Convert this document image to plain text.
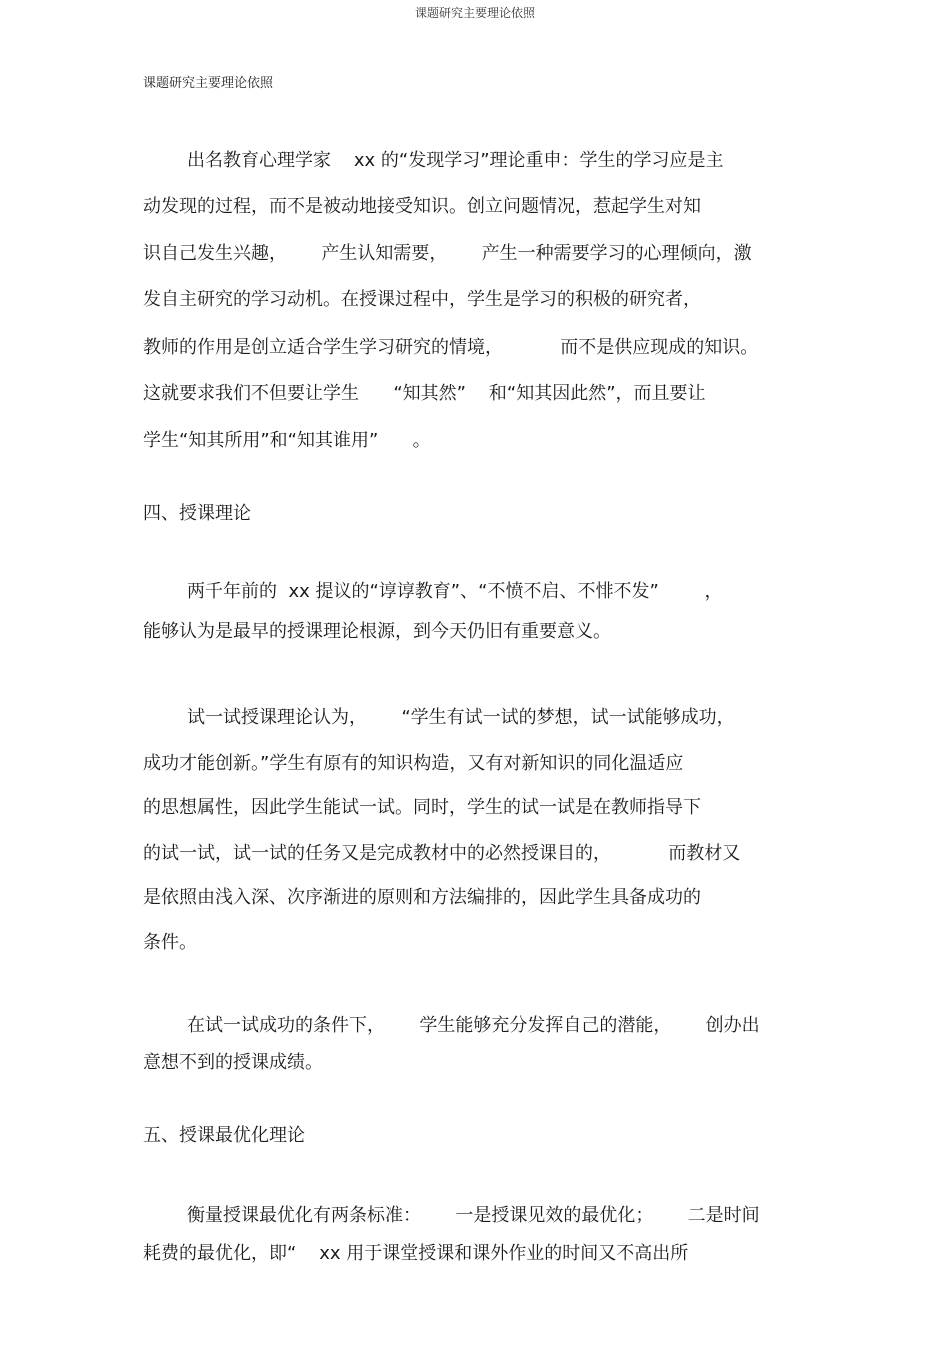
课题研究主要理论依照
课题研究主要理论依照
出名教育心理学家    xx 的“发现学习”理论重申：学生的学习应是主
动发现的过程，而不是被动地接受知识。创立问题情况，惹起学生对知
识自己发生兴趣，      产生认知需要，      产生一种需要学习的心理倾向，激
发自主研究的学习动机。在授课过程中，学生是学习的积极的研究者，
教师的作用是创立适合学生学习研究的情境，          而不是供应现成的知识。
这就要求我们不但要让学生      “知其然”    和“知其因此然”，而且要让
学生“知其所用”和“知其谁用”      。
四、授课理论
两千年前的  xx 提议的“谆谆教育”、“不愤不启、不悱不发”        ，
能够认为是最早的授课理论根源，到今天仍旧有重要意义。
试一试授课理论认为，      “学生有试一试的梦想，试一试能够成功，
成功才能创新。”学生有原有的知识构造，又有对新知识的同化温适应
的思想属性，因此学生能试一试。同时，学生的试一试是在教师指导下
的试一试，试一试的任务又是完成教材中的必然授课目的，          而教材又
是依照由浅入深、次序渐进的原则和方法编排的，因此学生具备成功的
条件。
在试一试成功的条件下，      学生能够充分发挥自己的潜能，      创办出
意想不到的授课成绩。
五、授课最优化理论
衡量授课最优化有两条标准：      一是授课见效的最优化；      二是时间
耗费的最优化，即“    xx 用于课堂授课和课外作业的时间又不高出所
